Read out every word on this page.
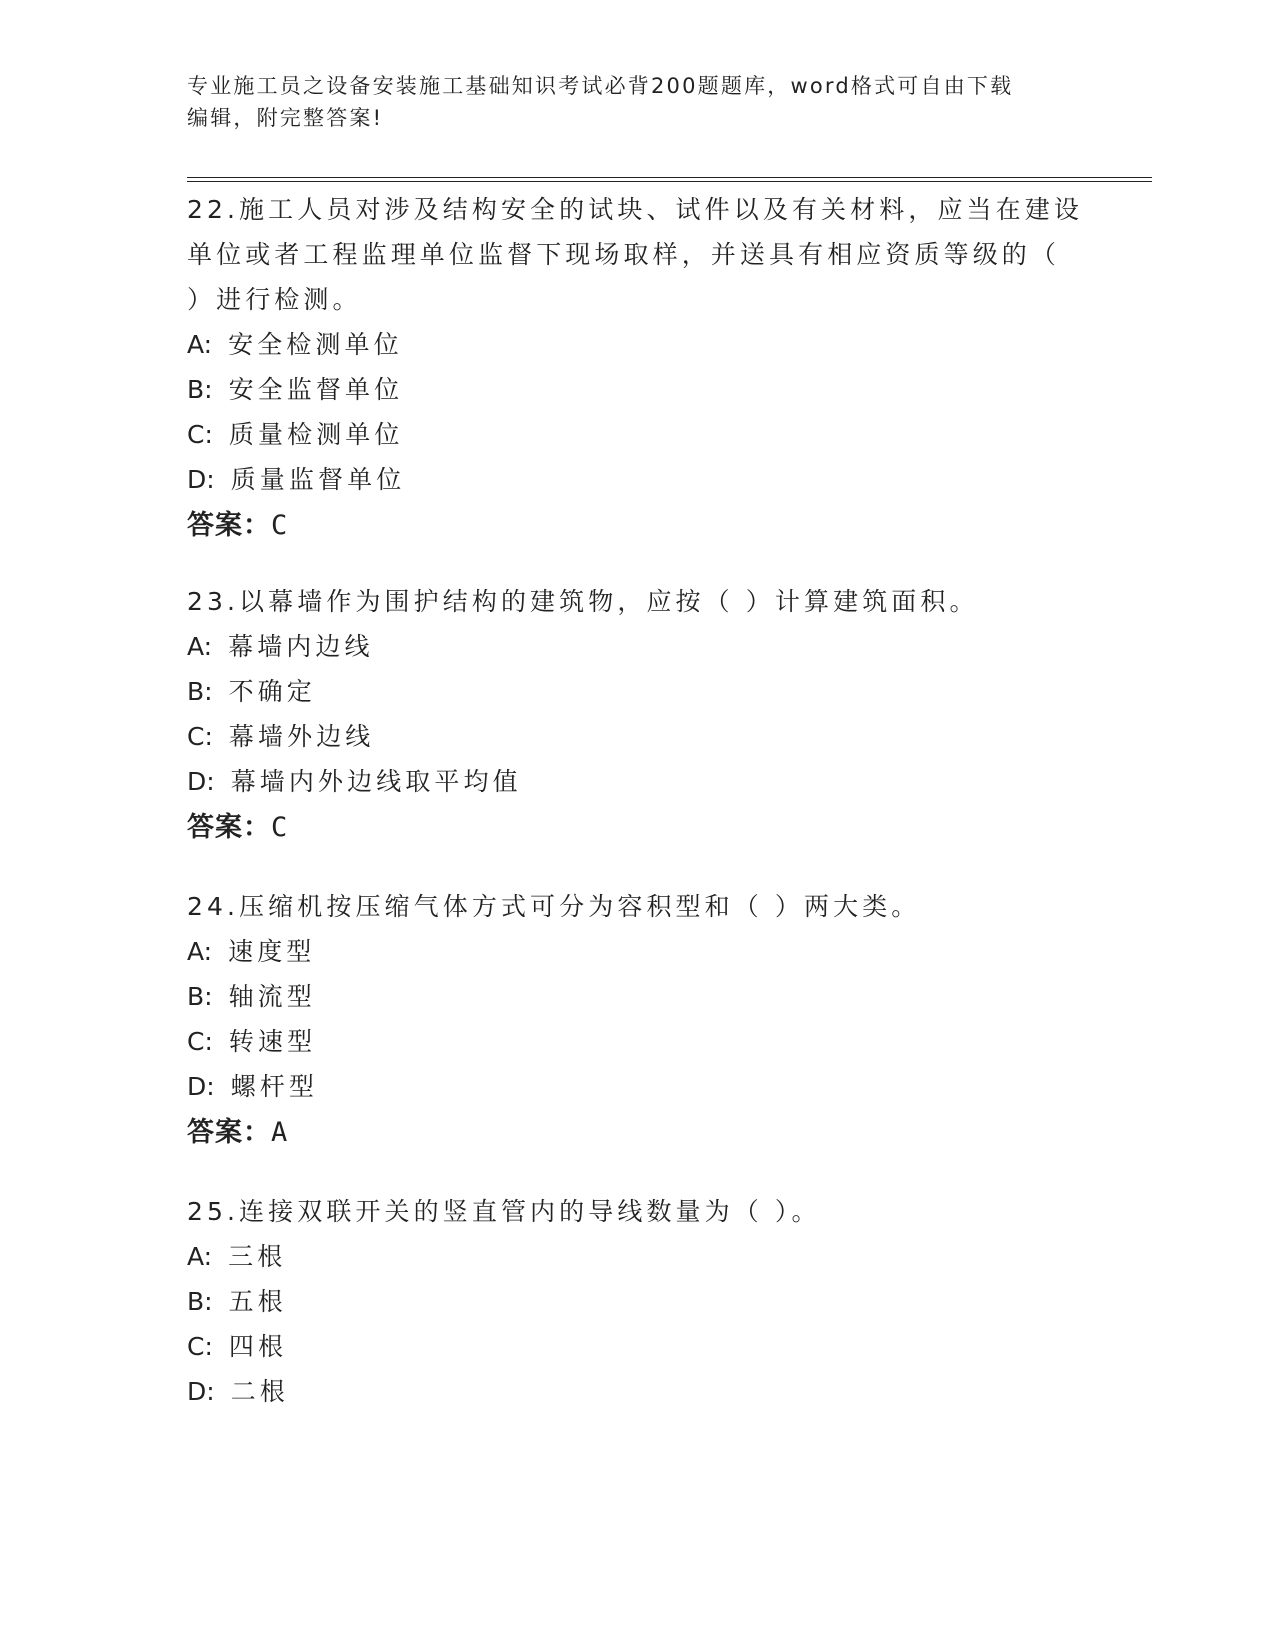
专业施工员之设备安装施工基础知识考试必背200题题库，word格式可自由下载
编辑，附完整答案!
22.施工人员对涉及结构安全的试块、试件以及有关材料，应当在建设
单位或者工程监理单位监督下现场取样，并送具有相应资质等级的（
）进行检测。
A: 安全检测单位
B: 安全监督单位
C: 质量检测单位
D: 质量监督单位
答案：C
23.以幕墙作为围护结构的建筑物，应按（ ）计算建筑面积。
A: 幕墙内边线
B: 不确定
C: 幕墙外边线
D: 幕墙内外边线取平均值
答案：C
24.压缩机按压缩气体方式可分为容积型和（ ）两大类。
A: 速度型
B: 轴流型
C: 转速型
D: 螺杆型
答案：A
25.连接双联开关的竖直管内的导线数量为（ ）。
A: 三根
B: 五根
C: 四根
D: 二根
